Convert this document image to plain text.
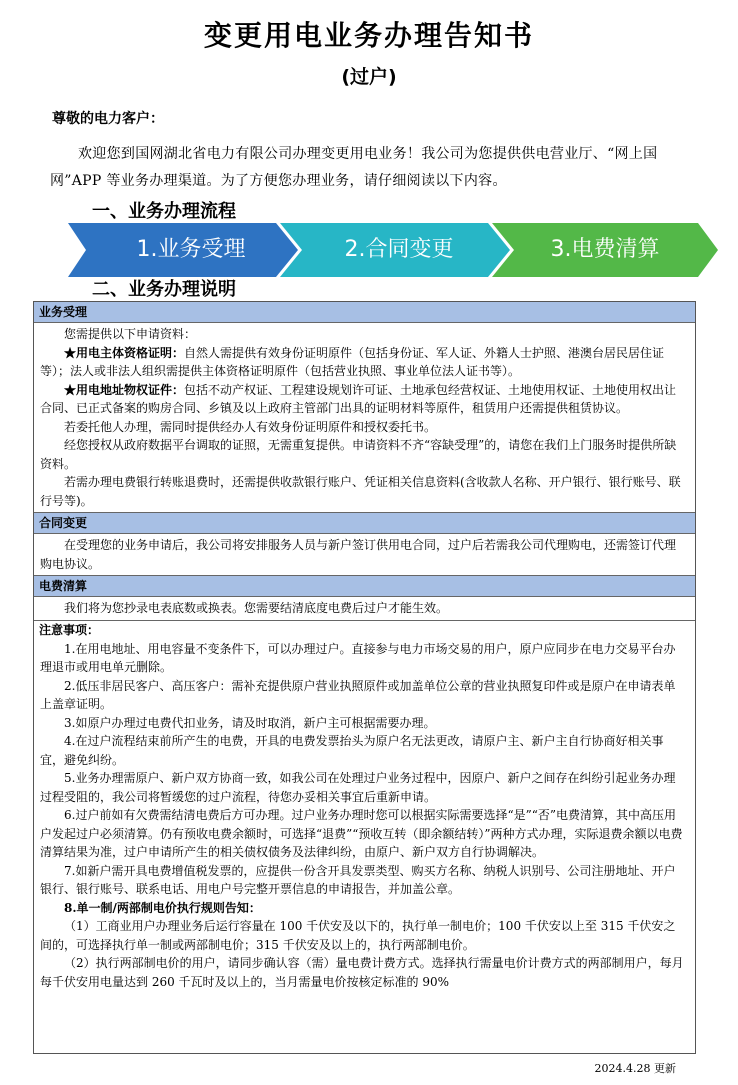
变更用电业务办理告知书
(过户)
尊敬的电力客户：
欢迎您到国网湖北省电力有限公司办理变更用电业务！我公司为您提供供电营业厅、“网上国网”APP 等业务办理渠道。为了方便您办理业务，请仔细阅读以下内容。
一、业务办理流程
1.业务受理	2.合同变更	3.电费清算
二、业务办理说明
业务受理

您需提供以下申请资料：

★用电主体资格证明：自然人需提供有效身份证明原件（包括身份证、军人证、外籍人士护照、港澳台居民居住证等）；法人或非法人组织需提供主体资格证明原件（包括营业执照、事业单位法人证书等）。

★用电地址物权证件：包括不动产权证、工程建设规划许可证、土地承包经营权证、土地使用权证、土地使用权出让合同、已正式备案的购房合同、乡镇及以上政府主管部门出具的证明材料等原件，租赁用户还需提供租赁协议。

若委托他人办理，需同时提供经办人有效身份证明原件和授权委托书。

经您授权从政府数据平台调取的证照，无需重复提供。申请资料不齐“容缺受理”的，请您在我们上门服务时提供所缺资料。

若需办理电费银行转账退费时，还需提供收款银行账户、凭证相关信息资料(含收款人名称、开户银行、银行账号、联行号等)。

合同变更

在受理您的业务申请后，我公司将安排服务人员与新户签订供用电合同，过户后若需我公司代理购电，还需签订代理购电协议。

电费清算

我们将为您抄录电表底数或换表。您需要结清底度电费后过户才能生效。

注意事项：

1.在用电地址、用电容量不变条件下，可以办理过户。直接参与电力市场交易的用户，原户应同步在电力交易平台办理退市或用电单元删除。

2.低压非居民客户、高压客户：需补充提供原户营业执照原件或加盖单位公章的营业执照复印件或是原户在申请表单上盖章证明。

3.如原户办理过电费代扣业务，请及时取消，新户主可根据需要办理。

4.在过户流程结束前所产生的电费，开具的电费发票抬头为原户名无法更改，请原户主、新户主自行协商好相关事宜，避免纠纷。

5.业务办理需原户、新户双方协商一致，如我公司在处理过户业务过程中，因原户、新户之间存在纠纷引起业务办理过程受阻的，我公司将暂缓您的过户流程，待您办妥相关事宜后重新申请。

6.过户前如有欠费需结清电费后方可办理。过户业务办理时您可以根据实际需要选择“是”“否”电费清算，其中高压用户发起过户必须清算。仍有预收电费余额时，可选择“退费”“预收互转（即余额结转）”两种方式办理，实际退费余额以电费清算结果为准，过户申请所产生的相关债权债务及法律纠纷，由原户、新户双方自行协调解决。

7.如新户需开具电费增值税发票的，应提供一份含开具发票类型、购买方名称、纳税人识别号、公司注册地址、开户银行、银行账号、联系电话、用电户号完整开票信息的申请报告，并加盖公章。

8.单一制/两部制电价执行规则告知：

（1）工商业用户办理业务后运行容量在 100 千伏安及以下的，执行单一制电价；100 千伏安以上至 315 千伏安之间的，可选择执行单一制或两部制电价；315 千伏安及以上的，执行两部制电价。

（2）执行两部制电价的用户，请同步确认容（需）量电费计费方式。选择执行需量电价计费方式的两部制用户，每月每千伏安用电量达到 260 千瓦时及以上的，当月需量电价按核定标准的 90%

2024.4.28 更新
